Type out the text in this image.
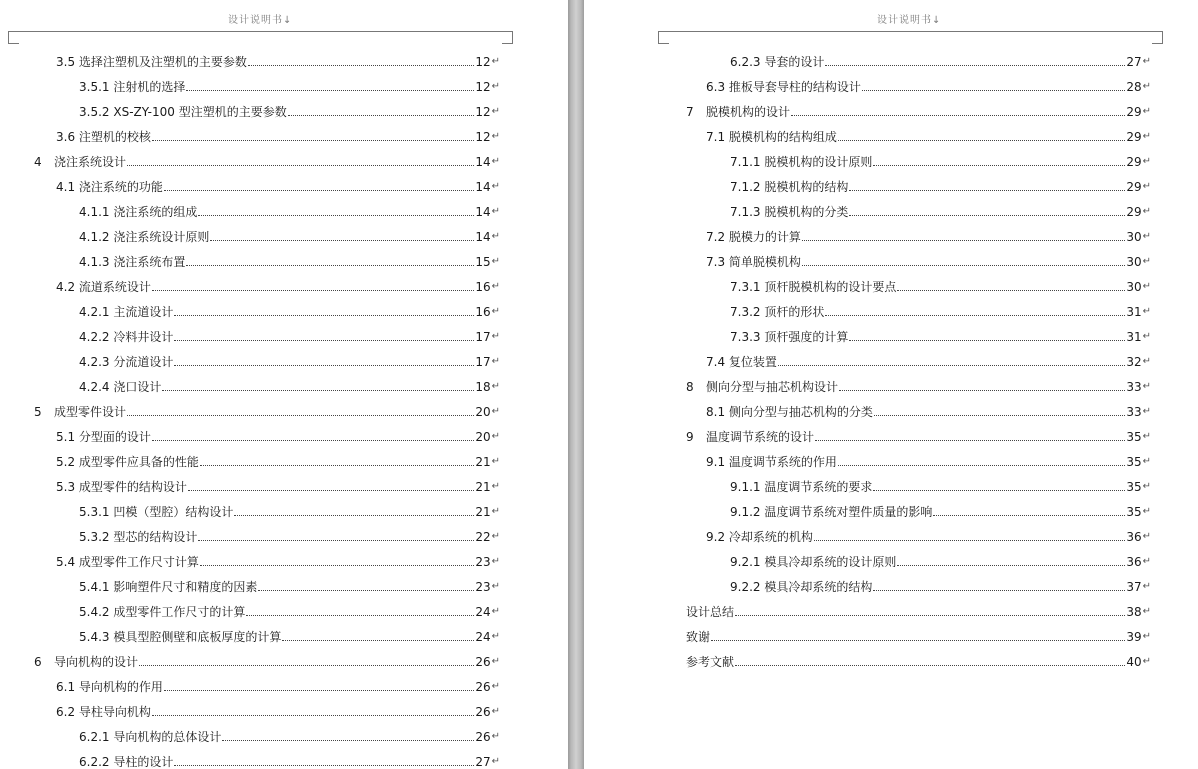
设计说明书↓
3.5 选择注塑机及注塑机的主要参数	12 ↵
3.5.1 注射机的选择	12 ↵
3.5.2 XS-ZY-100 型注塑机的主要参数	12 ↵
3.6 注塑机的校核	12 ↵
4 浇注系统设计	14 ↵
4.1 浇注系统的功能	14 ↵
4.1.1 浇注系统的组成	14 ↵
4.1.2 浇注系统设计原则	14 ↵
4.1.3 浇注系统布置	15 ↵
4.2 流道系统设计	16 ↵
4.2.1 主流道设计	16 ↵
4.2.2 冷料井设计	17 ↵
4.2.3 分流道设计	17 ↵
4.2.4 浇口设计	18 ↵
5 成型零件设计	20 ↵
5.1 分型面的设计	20 ↵
5.2 成型零件应具备的性能	21 ↵
5.3 成型零件的结构设计	21 ↵
5.3.1 凹模（型腔）结构设计	21 ↵
5.3.2 型芯的结构设计	22 ↵
5.4 成型零件工作尺寸计算	23 ↵
5.4.1 影响塑件尺寸和精度的因素	23 ↵
5.4.2 成型零件工作尺寸的计算	24 ↵
5.4.3 模具型腔侧壁和底板厚度的计算	24 ↵
6 导向机构的设计	26 ↵
6.1 导向机构的作用	26 ↵
6.2 导柱导向机构	26 ↵
6.2.1 导向机构的总体设计	26 ↵
6.2.2 导柱的设计	27 ↵
设计说明书↓
6.2.3 导套的设计	27 ↵
6.3 推板导套导柱的结构设计	28 ↵
7 脱模机构的设计	29 ↵
7.1 脱模机构的结构组成	29 ↵
7.1.1 脱模机构的设计原则	29 ↵
7.1.2 脱模机构的结构	29 ↵
7.1.3 脱模机构的分类	29 ↵
7.2 脱模力的计算	30 ↵
7.3 简单脱模机构	30 ↵
7.3.1 顶杆脱模机构的设计要点	30 ↵
7.3.2 顶杆的形状	31 ↵
7.3.3 顶杆强度的计算	31 ↵
7.4 复位装置	32 ↵
8 侧向分型与抽芯机构设计	33 ↵
8.1 侧向分型与抽芯机构的分类	33 ↵
9 温度调节系统的设计	35 ↵
9.1 温度调节系统的作用	35 ↵
9.1.1 温度调节系统的要求	35 ↵
9.1.2 温度调节系统对塑件质量的影响	35 ↵
9.2 冷却系统的机构	36 ↵
9.2.1 模具冷却系统的设计原则	36 ↵
9.2.2 模具冷却系统的结构	37 ↵
设计总结	38 ↵
致谢	39 ↵
参考文献	40 ↵
